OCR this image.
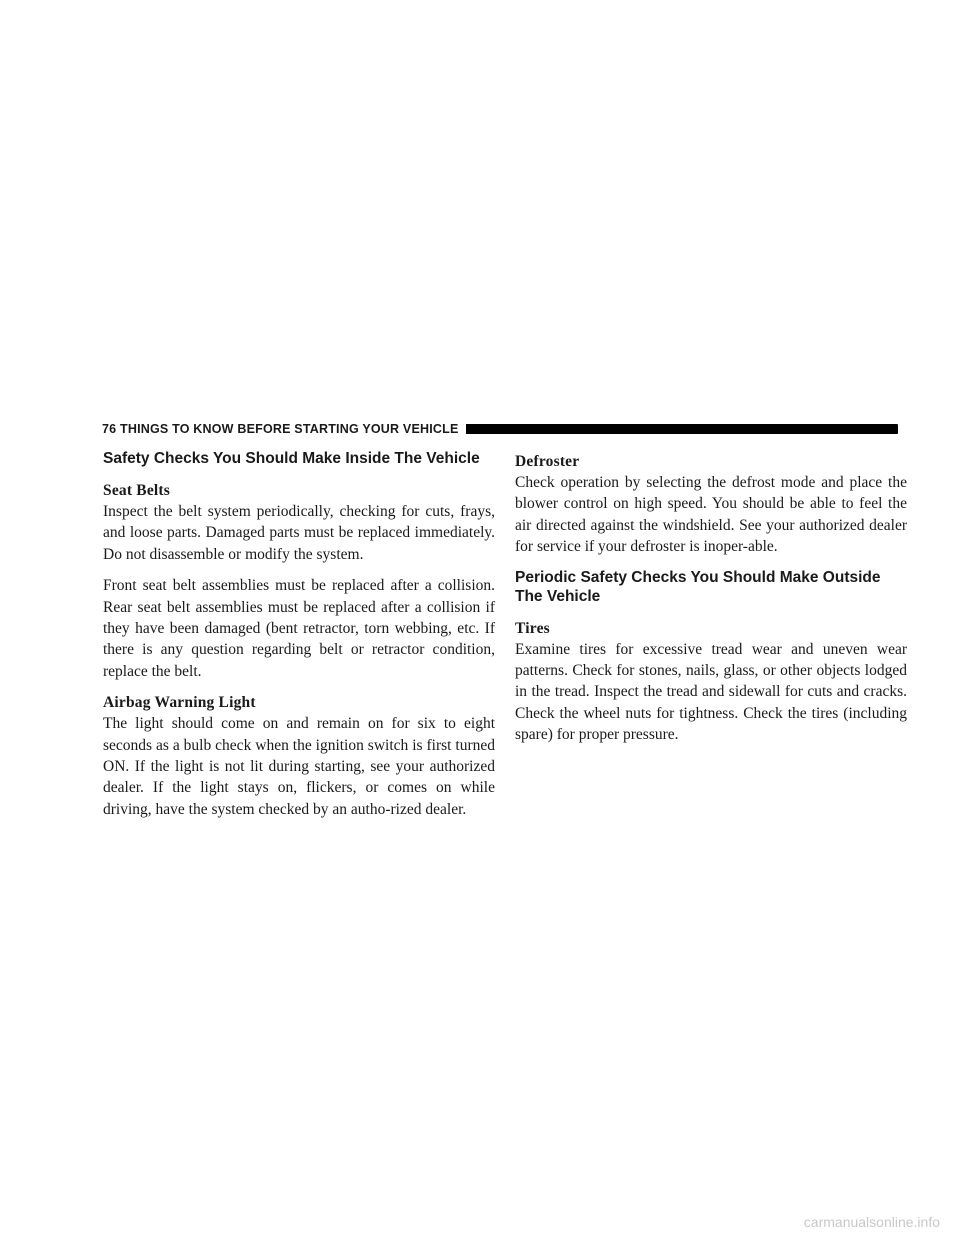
76 THINGS TO KNOW BEFORE STARTING YOUR VEHICLE
Safety Checks You Should Make Inside The Vehicle
Seat Belts

Inspect the belt system periodically, checking for cuts, frays, and loose parts. Damaged parts must be replaced immediately. Do not disassemble or modify the system.

Front seat belt assemblies must be replaced after a collision. Rear seat belt assemblies must be replaced after a collision if they have been damaged (bent retractor, torn webbing, etc. If there is any question regarding belt or retractor condition, replace the belt.

Airbag Warning Light

The light should come on and remain on for six to eight seconds as a bulb check when the ignition switch is first turned ON. If the light is not lit during starting, see your authorized dealer. If the light stays on, flickers, or comes on while driving, have the system checked by an autho-rized dealer.

Defroster

Check operation by selecting the defrost mode and place the blower control on high speed. You should be able to feel the air directed against the windshield. See your authorized dealer for service if your defroster is inoper-able.

Periodic Safety Checks You Should Make Outside The Vehicle
Tires

Examine tires for excessive tread wear and uneven wear patterns. Check for stones, nails, glass, or other objects lodged in the tread. Inspect the tread and sidewall for cuts and cracks. Check the wheel nuts for tightness. Check the tires (including spare) for proper pressure.

carmanualsonline.info
